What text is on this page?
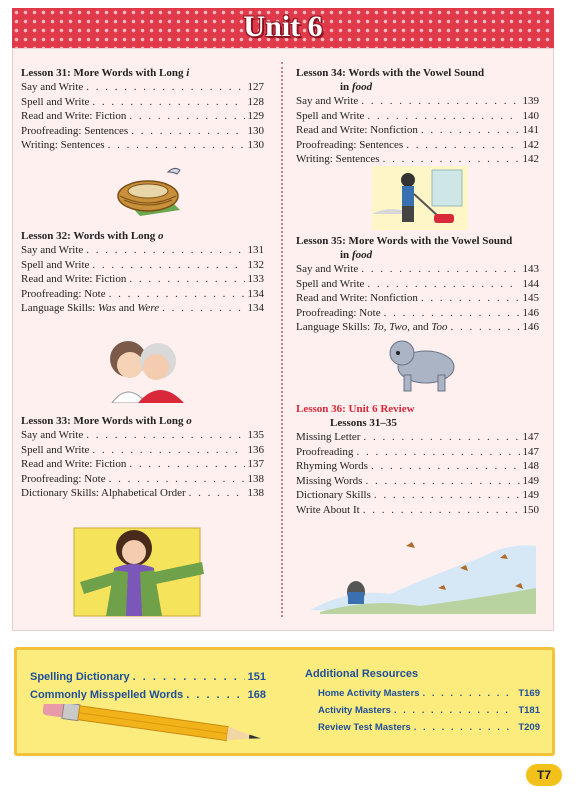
Unit 6
Lesson 31: More Words with Long i
Say and Write . . .	127
Spell and Write . . .	128
Read and Write: Fiction . . .	129
Proofreading: Sentences . . .	130
Writing: Sentences . . .	130
Lesson 32: Words with Long o
Say and Write . . .	131
Spell and Write . . .	132
Read and Write: Fiction . . .	133
Proofreading: Note . . .	134
Language Skills: Was and Were . . .	134
Lesson 33: More Words with Long o
Say and Write . . .	135
Spell and Write . . .	136
Read and Write: Fiction . . .	137
Proofreading: Note . . .	138
Dictionary Skills: Alphabetical Order . . .	138
Lesson 34: Words with the Vowel Sound
in food
Say and Write . . .	139
Spell and Write . . .	140
Read and Write: Nonfiction . . .	141
Proofreading: Sentences . . .	142
Writing: Sentences . . .	142
Lesson 35: More Words with the Vowel Sound
in food
Say and Write . . .	143
Spell and Write . . .	144
Read and Write: Nonfiction . . .	145
Proofreading: Note . . .	146
Language Skills: To, Two, and Too . . .	146
Lesson 36: Unit 6 Review
Lessons 31–35
Missing Letter . . .	147
Proofreading . . .	147
Rhyming Words . . .	148
Missing Words . . .	149
Dictionary Skills . . .	149
Write About It . . .	150
Spelling Dictionary . . .	151
Commonly Misspelled Words . . .	168
Additional Resources
Home Activity Masters . . .	T169
Activity Masters . . .	T181
Review Test Masters . . .	T209
T7
